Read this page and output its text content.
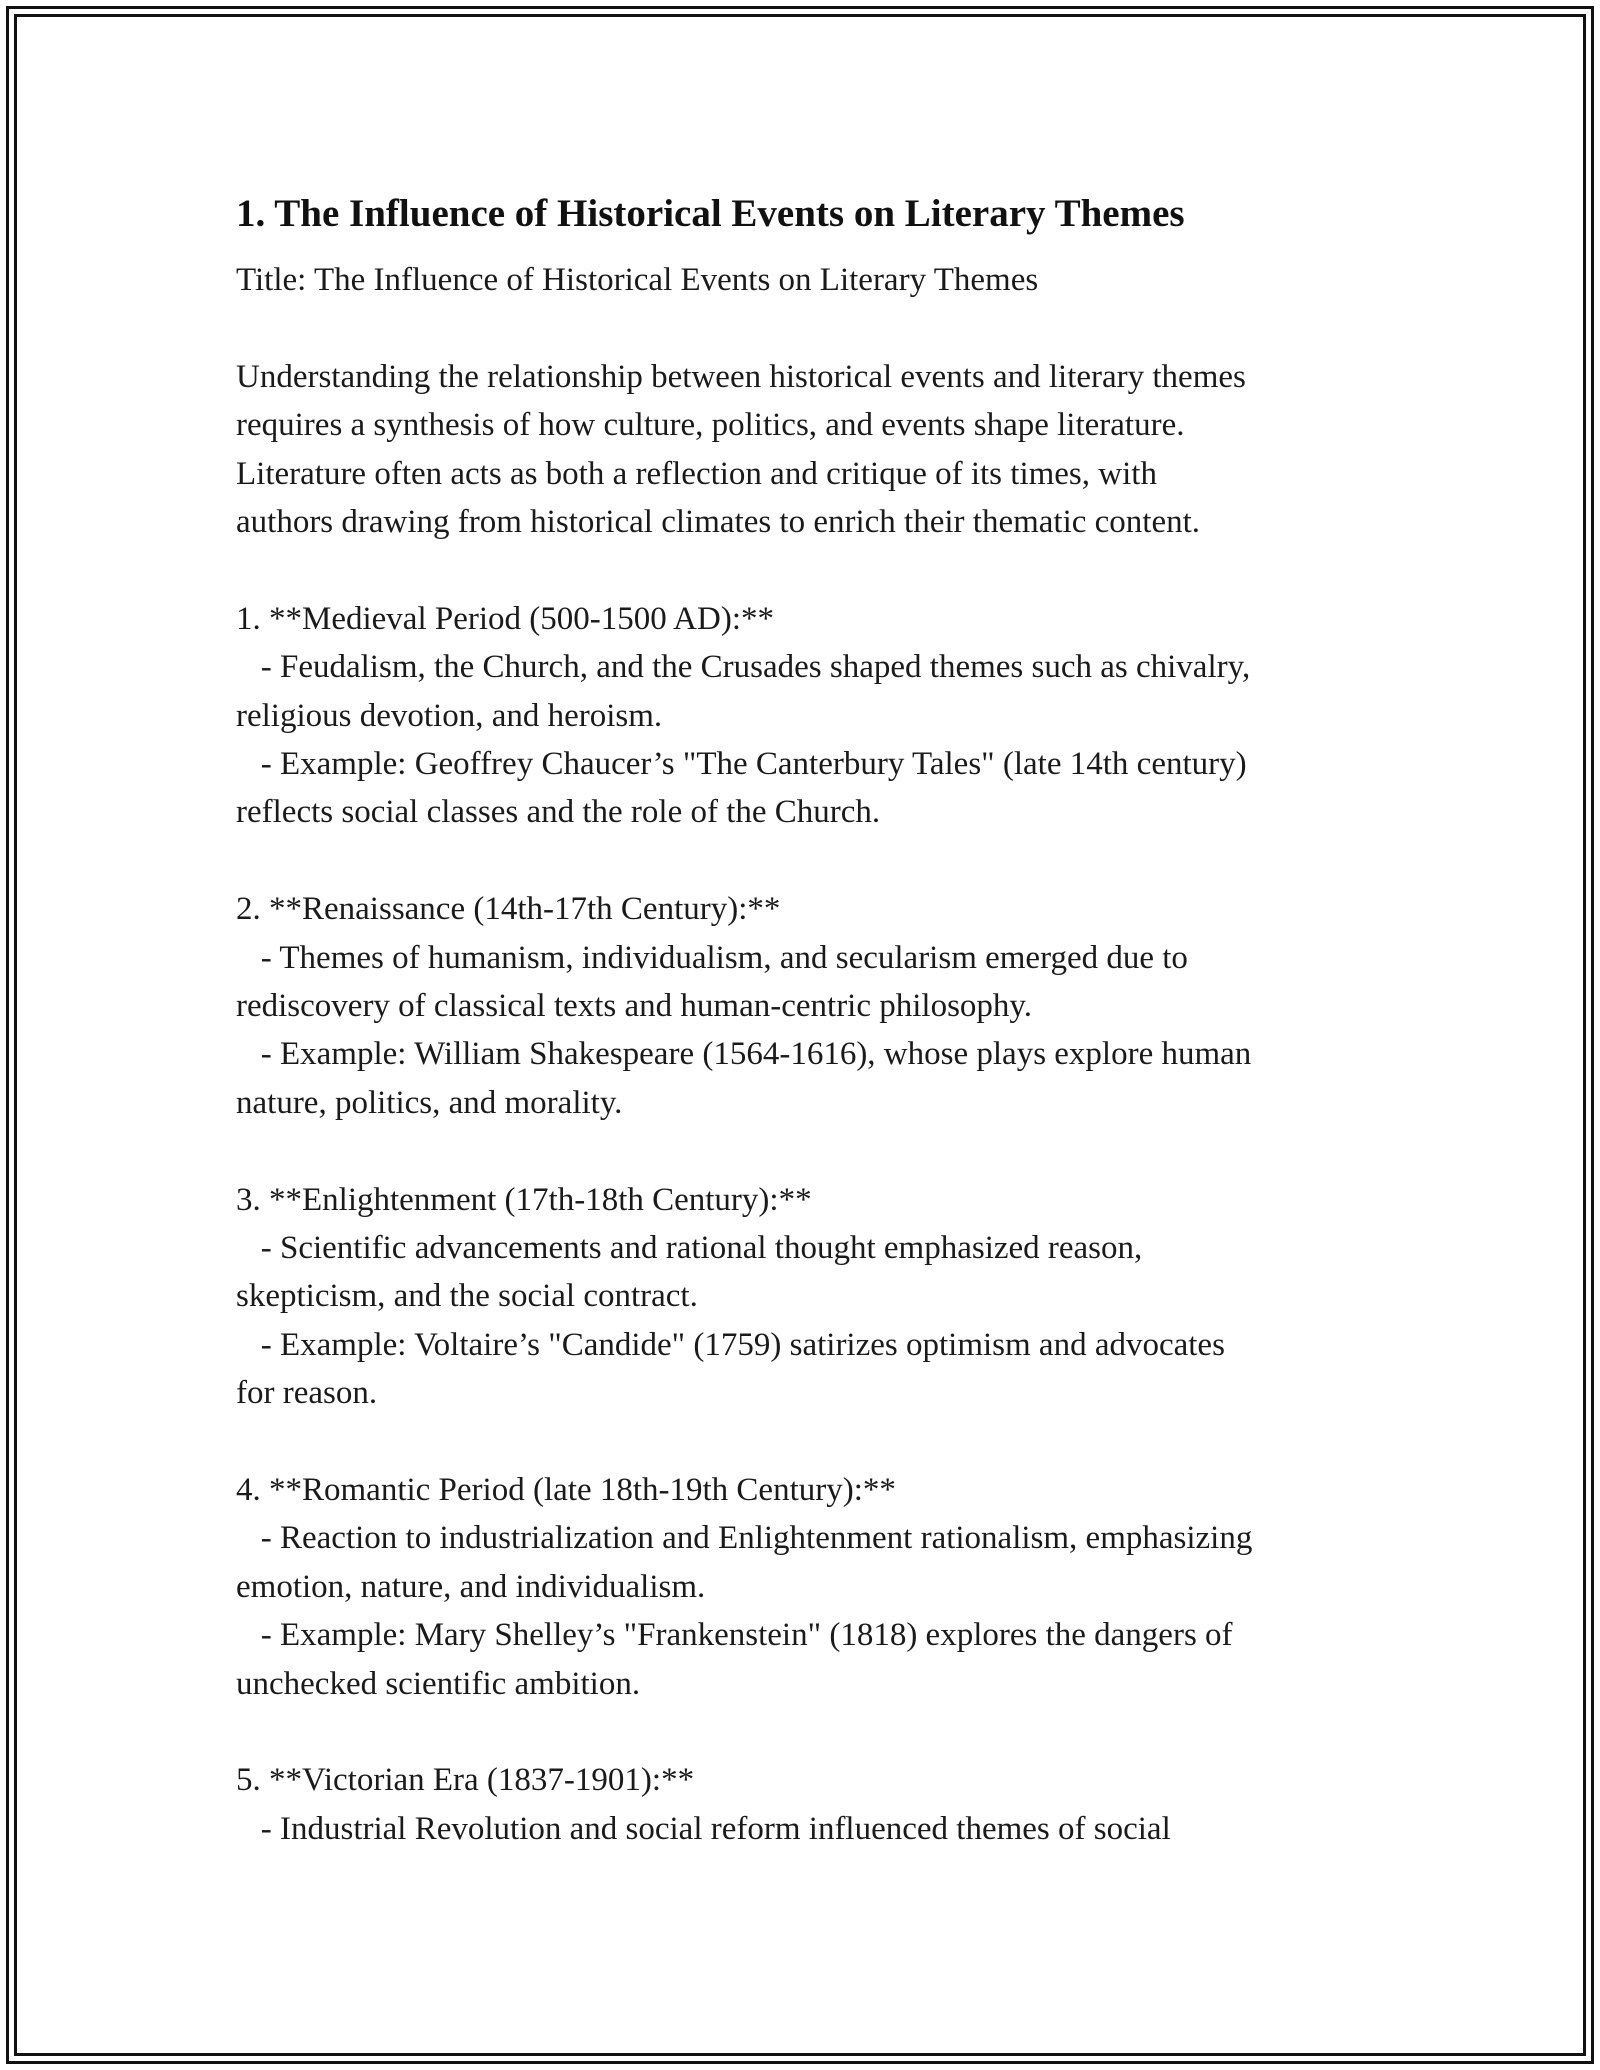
1. The Influence of Historical Events on Literary Themes

Title: The Influence of Historical Events on Literary Themes

Understanding the relationship between historical events and literary themes
requires a synthesis of how culture, politics, and events shape literature.
Literature often acts as both a reflection and critique of its times, with
authors drawing from historical climates to enrich their thematic content.

1. **Medieval Period (500-1500 AD):**

- Feudalism, the Church, and the Crusades shaped themes such as chivalry,
religious devotion, and heroism.

- Example: Geoffrey Chaucer’s "The Canterbury Tales" (late 14th century)
reflects social classes and the role of the Church.

2. **Renaissance (14th-17th Century):**

- Themes of humanism, individualism, and secularism emerged due to
rediscovery of classical texts and human-centric philosophy.

- Example: William Shakespeare (1564-1616), whose plays explore human
nature, politics, and morality.

3. **Enlightenment (17th-18th Century):**

- Scientific advancements and rational thought emphasized reason,
skepticism, and the social contract.

- Example: Voltaire’s "Candide" (1759) satirizes optimism and advocates
for reason.

4. **Romantic Period (late 18th-19th Century):**

- Reaction to industrialization and Enlightenment rationalism, emphasizing
emotion, nature, and individualism.

- Example: Mary Shelley’s "Frankenstein" (1818) explores the dangers of
unchecked scientific ambition.

5. **Victorian Era (1837-1901):**

- Industrial Revolution and social reform influenced themes of social
